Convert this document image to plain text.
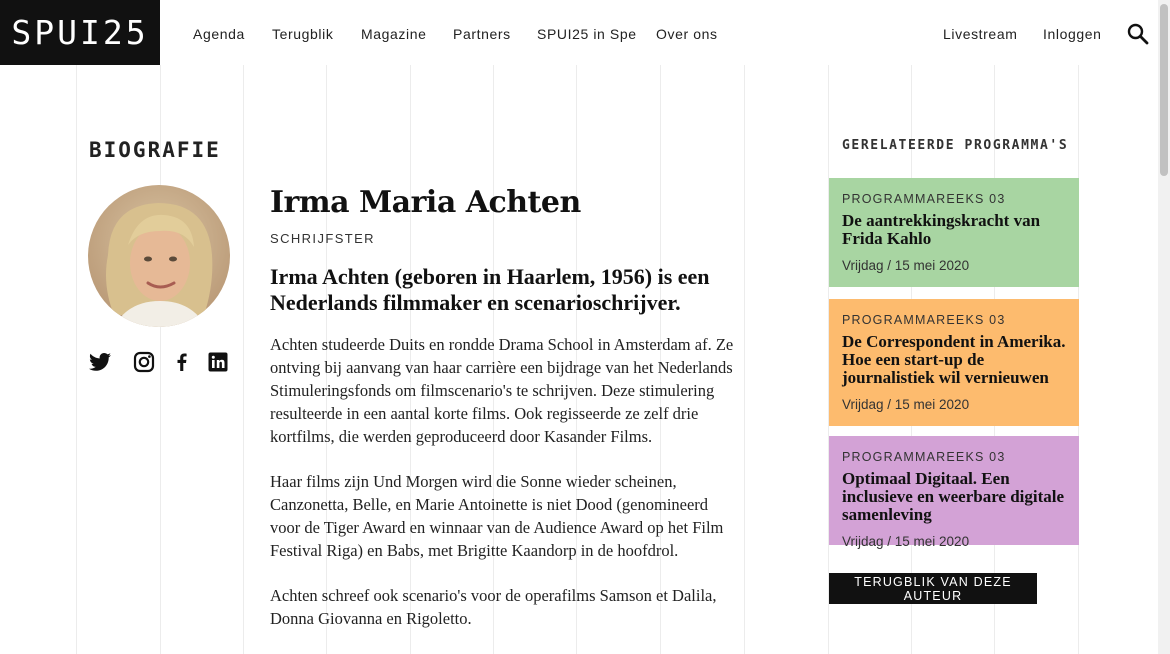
SPUI25	Agenda Terugblik Magazine Partners SPUI25 in Spe Over ons	Livestream Inloggen
BIOGRAFIE
Irma Maria Achten
SCHRIJFSTER

Irma Achten (geboren in Haarlem, 1956) is een Nederlands filmmaker en scenarioschrijver.

Achten studeerde Duits en rondde Drama School in Amsterdam af. Ze ontving bij aanvang van haar carrière een bijdrage van het Nederlands Stimuleringsfonds om filmscenario's te schrijven. Deze stimulering resulteerde in een aantal korte films. Ook regisseerde ze zelf drie kortfilms, die werden geproduceerd door Kasander Films.

Haar films zijn Und Morgen wird die Sonne wieder scheinen, Canzonetta, Belle, en Marie Antoinette is niet Dood (genomineerd voor de Tiger Award en winnaar van de Audience Award op het Film Festival Riga) en Babs, met Brigitte Kaandorp in de hoofdrol.

Achten schreef ook scenario's voor de operafilms Samson et Dalila, Donna Giovanna en Rigoletto.

GERELATEERDE PROGRAMMA'S
PROGRAMMAREEKS 03
De aantrekkingskracht van Frida Kahlo
Vrijdag / 15 mei 2020
PROGRAMMAREEKS 03
De Correspondent in Amerika. Hoe een start-up de journalistiek wil vernieuwen
Vrijdag / 15 mei 2020
PROGRAMMAREEKS 03
Optimaal Digitaal. Een inclusieve en weerbare digitale samenleving
Vrijdag / 15 mei 2020
TERUGBLIK VAN DEZE AUTEUR
